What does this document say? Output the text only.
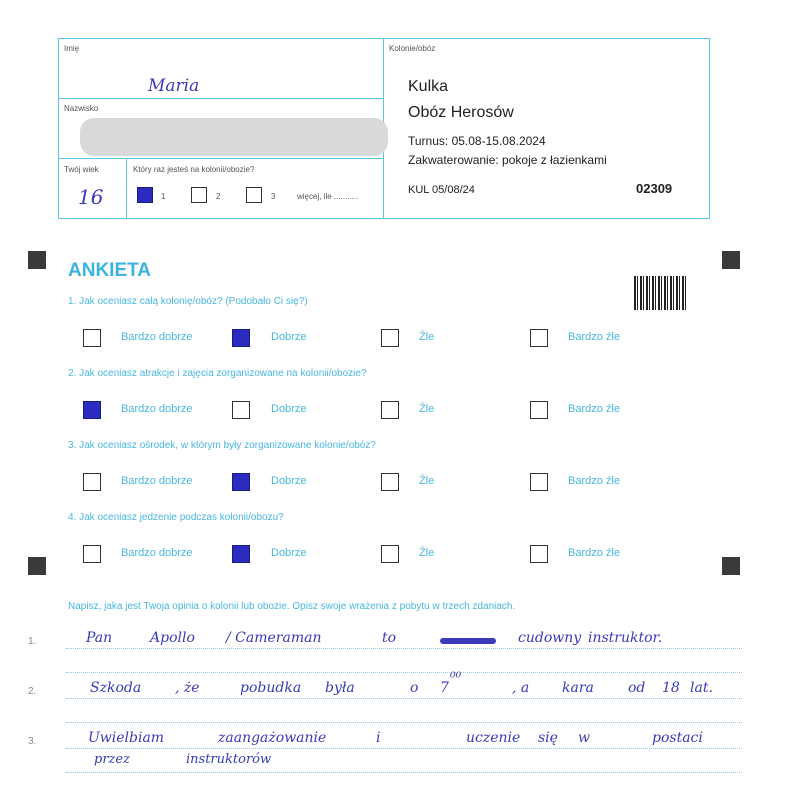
Imię
Maria
Nazwisko
Twój wiek
16
Który raz jesteś na kolonii/obozie?
1	2	3	więcej, ile ...........
Kolonie/obóz
Kulka
Obóz Herosów
Turnus: 05.08-15.08.2024
Zakwaterowanie: pokoje z łazienkami
KUL 05/08/24	02309
ANKIETA
1. Jak oceniasz całą kolonię/obóz? (Podobało Ci się?)
Bardzo dobrze	Dobrze	Źle	Bardzo źle
2. Jak oceniasz atrakcje i zajęcia zorganizowane na kolonii/obozie?
Bardzo dobrze	Dobrze	Źle	Bardzo źle
3. Jak oceniasz ośrodek, w którym były zorganizowane kolonie/obóz?
Bardzo dobrze	Dobrze	Źle	Bardzo źle
4. Jak oceniasz jedzenie podczas kolonii/obozu?
Bardzo dobrze	Dobrze	Źle	Bardzo źle
Napisz, jaka jest Twoja opinia o kolonii lub obozie. Opisz swoje wrażenia z pobytu w trzech zdaniach.
1.	Pan	Apollo / Cameraman	to	cudowny instruktor.
2.	Szkoda , że	pobudka była	o 7
⁰⁰
, a kara od 18 lat.
3.	Uwielbiam	zaangażowanie	i	uczenie się w	postaci
przez	instruktorów
